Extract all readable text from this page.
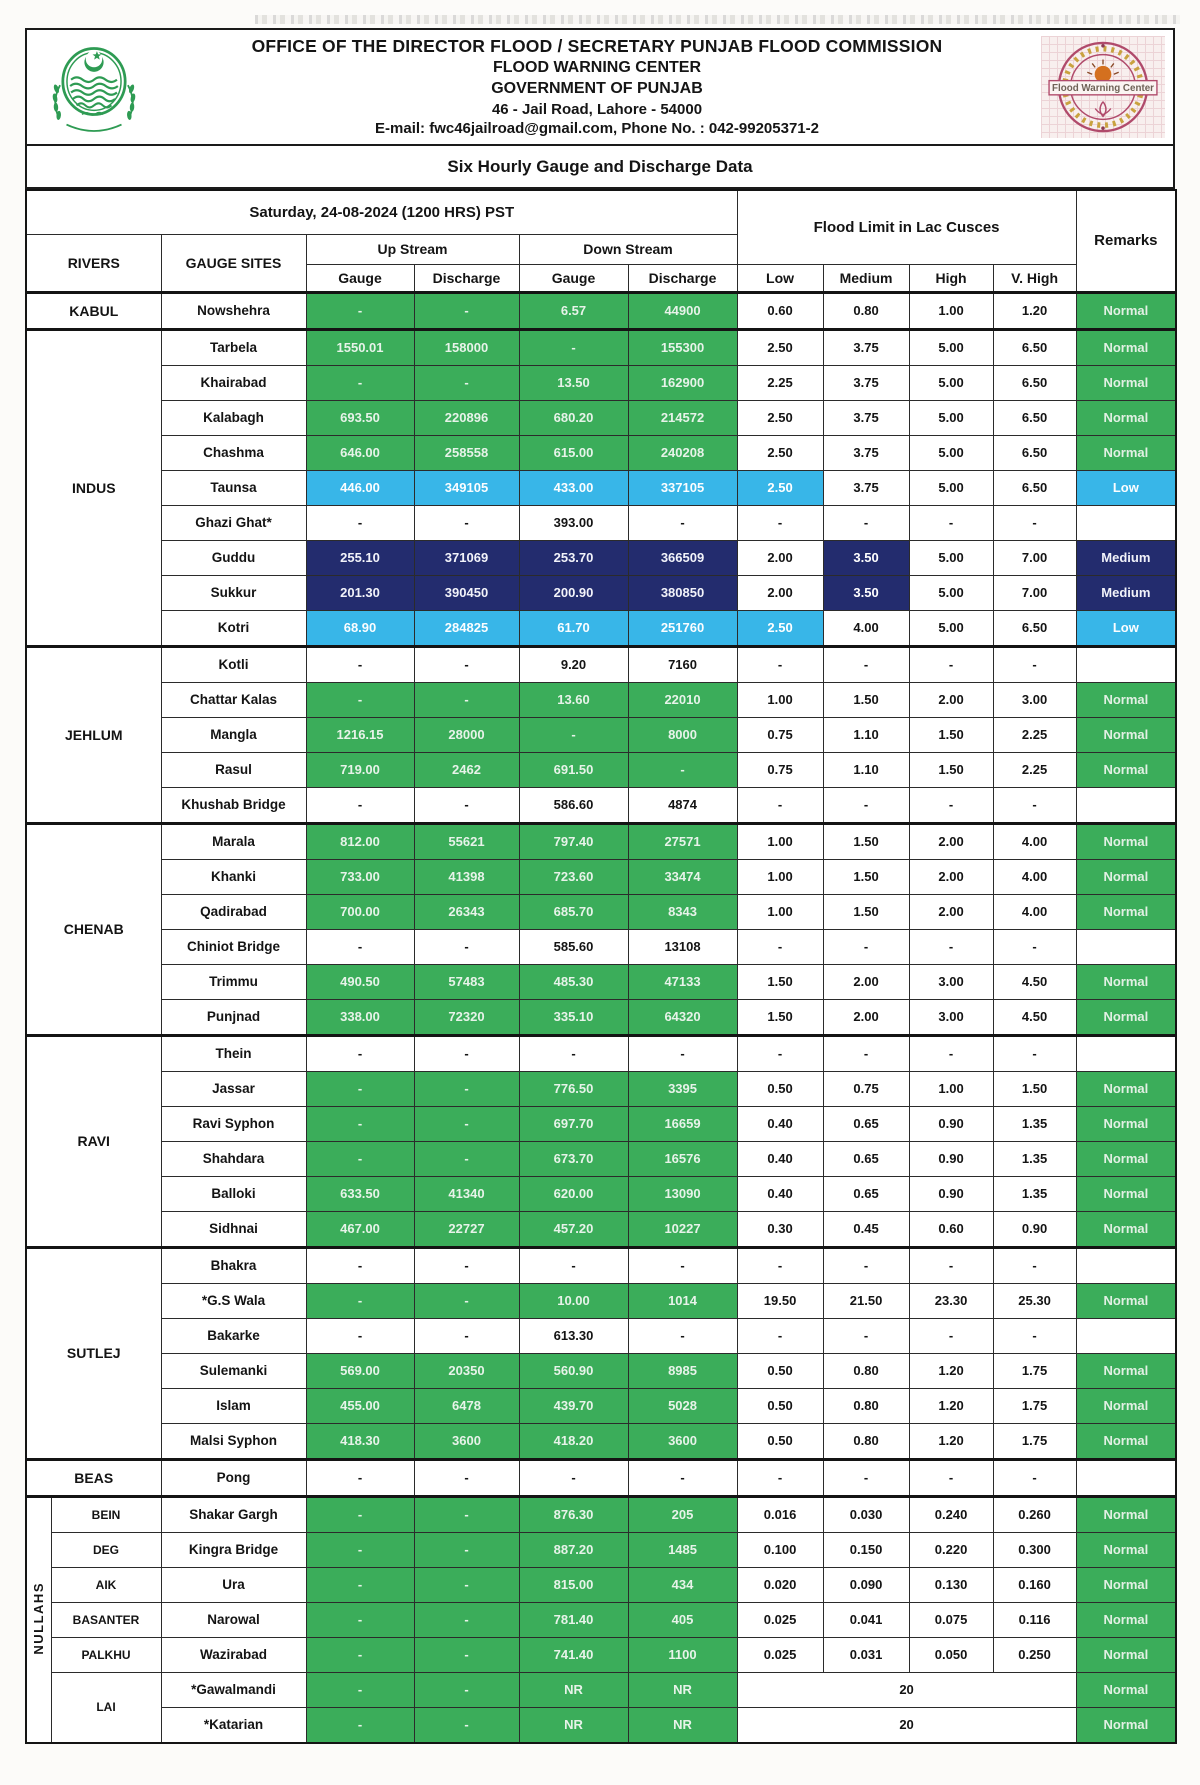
OFFICE OF THE DIRECTOR FLOOD / SECRETARY PUNJAB FLOOD COMMISSION
FLOOD WARNING CENTER
GOVERNMENT OF PUNJAB
46 - Jail Road, Lahore - 54000
E-mail: fwc46jailroad@gmail.com, Phone No. : 042-99205371-2
Flood Warning Center
Six Hourly Gauge and Discharge Data
Saturday, 24-08-2024 (1200 HRS) PST							Flood Limit in Lac Cusces				Remarks
RIVERS		GAUGE SITES	Up Stream		Down Stream						
			Gauge	Discharge	Gauge	Discharge	Low	Medium	High	V. High	
KABUL		Nowshehra	-	-	6.57	44900	0.60	0.80	1.00	1.20	Normal
INDUS		Tarbela	1550.01	158000	-	155300	2.50	3.75	5.00	6.50	Normal
		Khairabad	-	-	13.50	162900	2.25	3.75	5.00	6.50	Normal
		Kalabagh	693.50	220896	680.20	214572	2.50	3.75	5.00	6.50	Normal
		Chashma	646.00	258558	615.00	240208	2.50	3.75	5.00	6.50	Normal
		Taunsa	446.00	349105	433.00	337105	2.50	3.75	5.00	6.50	Low
		Ghazi Ghat*	-	-	393.00	-	-	-	-	-	
		Guddu	255.10	371069	253.70	366509	2.00	3.50	5.00	7.00	Medium
		Sukkur	201.30	390450	200.90	380850	2.00	3.50	5.00	7.00	Medium
		Kotri	68.90	284825	61.70	251760	2.50	4.00	5.00	6.50	Low
JEHLUM		Kotli	-	-	9.20	7160	-	-	-	-	
		Chattar Kalas	-	-	13.60	22010	1.00	1.50	2.00	3.00	Normal
		Mangla	1216.15	28000	-	8000	0.75	1.10	1.50	2.25	Normal
		Rasul	719.00	2462	691.50	-	0.75	1.10	1.50	2.25	Normal
		Khushab Bridge	-	-	586.60	4874	-	-	-	-	
CHENAB		Marala	812.00	55621	797.40	27571	1.00	1.50	2.00	4.00	Normal
		Khanki	733.00	41398	723.60	33474	1.00	1.50	2.00	4.00	Normal
		Qadirabad	700.00	26343	685.70	8343	1.00	1.50	2.00	4.00	Normal
		Chiniot Bridge	-	-	585.60	13108	-	-	-	-	
		Trimmu	490.50	57483	485.30	47133	1.50	2.00	3.00	4.50	Normal
		Punjnad	338.00	72320	335.10	64320	1.50	2.00	3.00	4.50	Normal
RAVI		Thein	-	-	-	-	-	-	-	-	
		Jassar	-	-	776.50	3395	0.50	0.75	1.00	1.50	Normal
		Ravi Syphon	-	-	697.70	16659	0.40	0.65	0.90	1.35	Normal
		Shahdara	-	-	673.70	16576	0.40	0.65	0.90	1.35	Normal
		Balloki	633.50	41340	620.00	13090	0.40	0.65	0.90	1.35	Normal
		Sidhnai	467.00	22727	457.20	10227	0.30	0.45	0.60	0.90	Normal
SUTLEJ		Bhakra	-	-	-	-	-	-	-	-	
		*G.S Wala	-	-	10.00	1014	19.50	21.50	23.30	25.30	Normal
		Bakarke	-	-	613.30	-	-	-	-	-	
		Sulemanki	569.00	20350	560.90	8985	0.50	0.80	1.20	1.75	Normal
		Islam	455.00	6478	439.70	5028	0.50	0.80	1.20	1.75	Normal
		Malsi Syphon	418.30	3600	418.20	3600	0.50	0.80	1.20	1.75	Normal
BEAS		Pong	-	-	-	-	-	-	-	-	
NULLAHS	BEIN	Shakar Gargh	-	-	876.30	205	0.016	0.030	0.240	0.260	Normal
	DEG	Kingra Bridge	-	-	887.20	1485	0.100	0.150	0.220	0.300	Normal
	AIK	Ura	-	-	815.00	434	0.020	0.090	0.130	0.160	Normal
	BASANTER	Narowal	-	-	781.40	405	0.025	0.041	0.075	0.116	Normal
	PALKHU	Wazirabad	-	-	741.40	1100	0.025	0.031	0.050	0.250	Normal
	LAI	*Gawalmandi	-	-	NR	NR	20				Normal
		*Katarian	-	-	NR	NR	20				Normal
